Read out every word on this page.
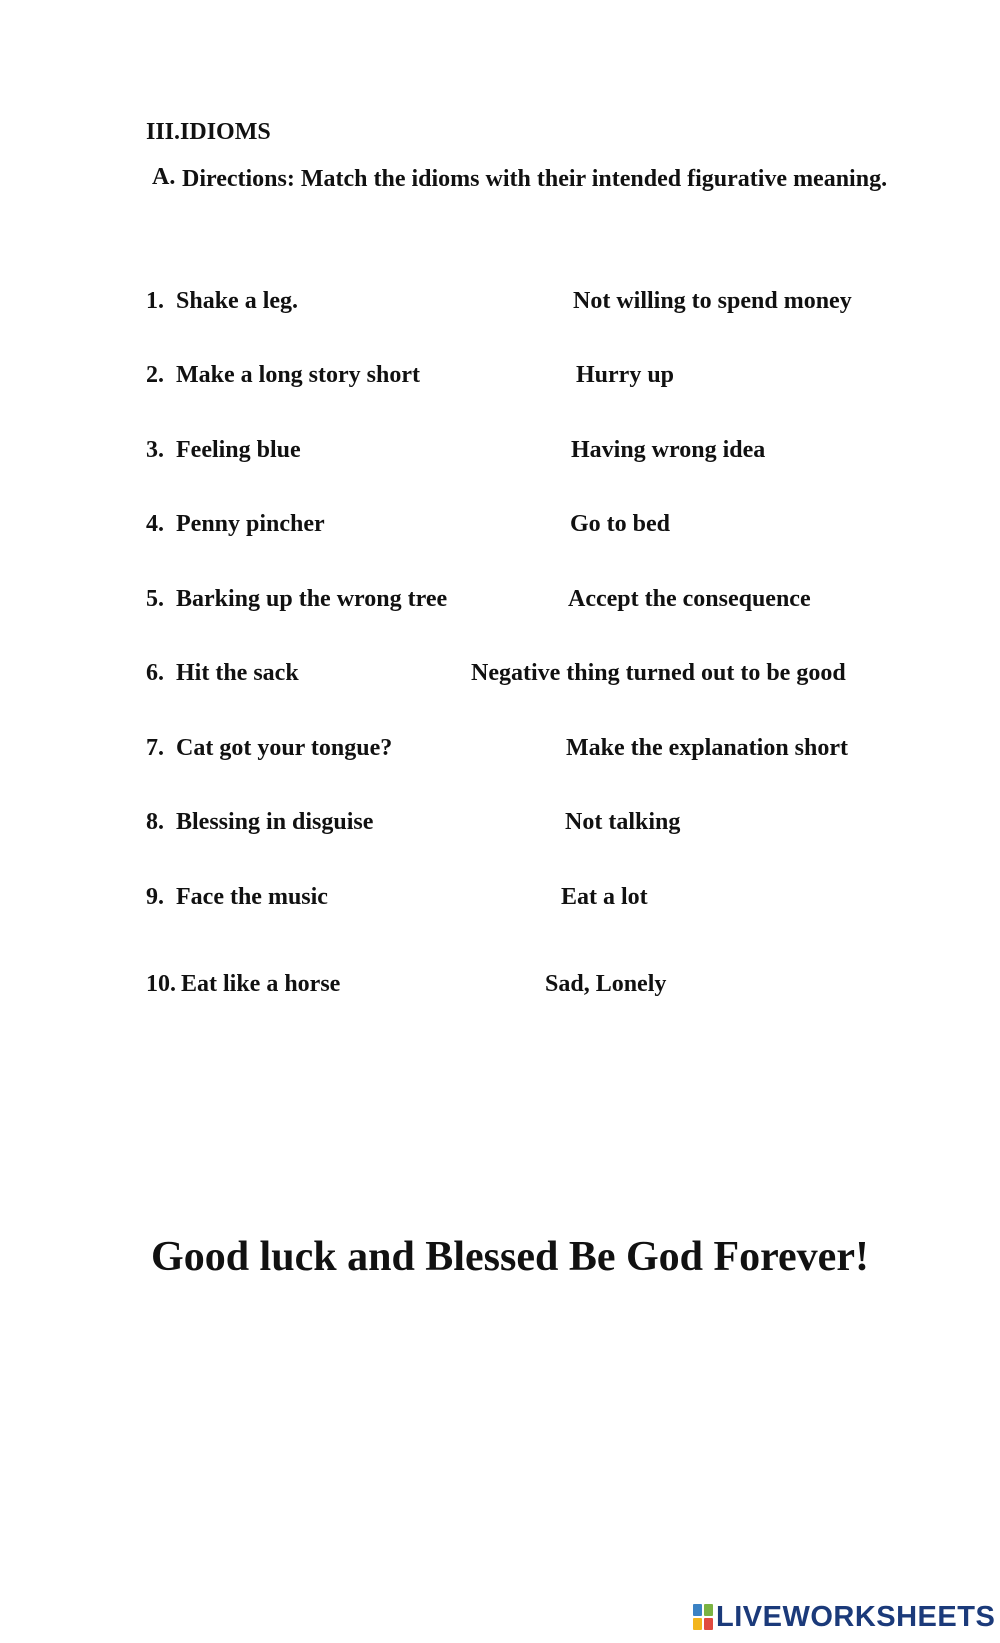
III.IDIOMS
A. Directions: Match the idioms with their intended figurative meaning.
1. Shake a leg.	Not willing to spend money
2. Make a long story short	Hurry up
3. Feeling blue	Having wrong idea
4. Penny pincher	Go to bed
5. Barking up the wrong tree	Accept the consequence
6. Hit the sack	Negative thing turned out to be good
7. Cat got your tongue?	Make the explanation short
8. Blessing in disguise	Not talking
9. Face the music	Eat a lot
10. Eat like a horse	Sad, Lonely
Good luck and Blessed Be God Forever!
LIVEWORKSHEETS
